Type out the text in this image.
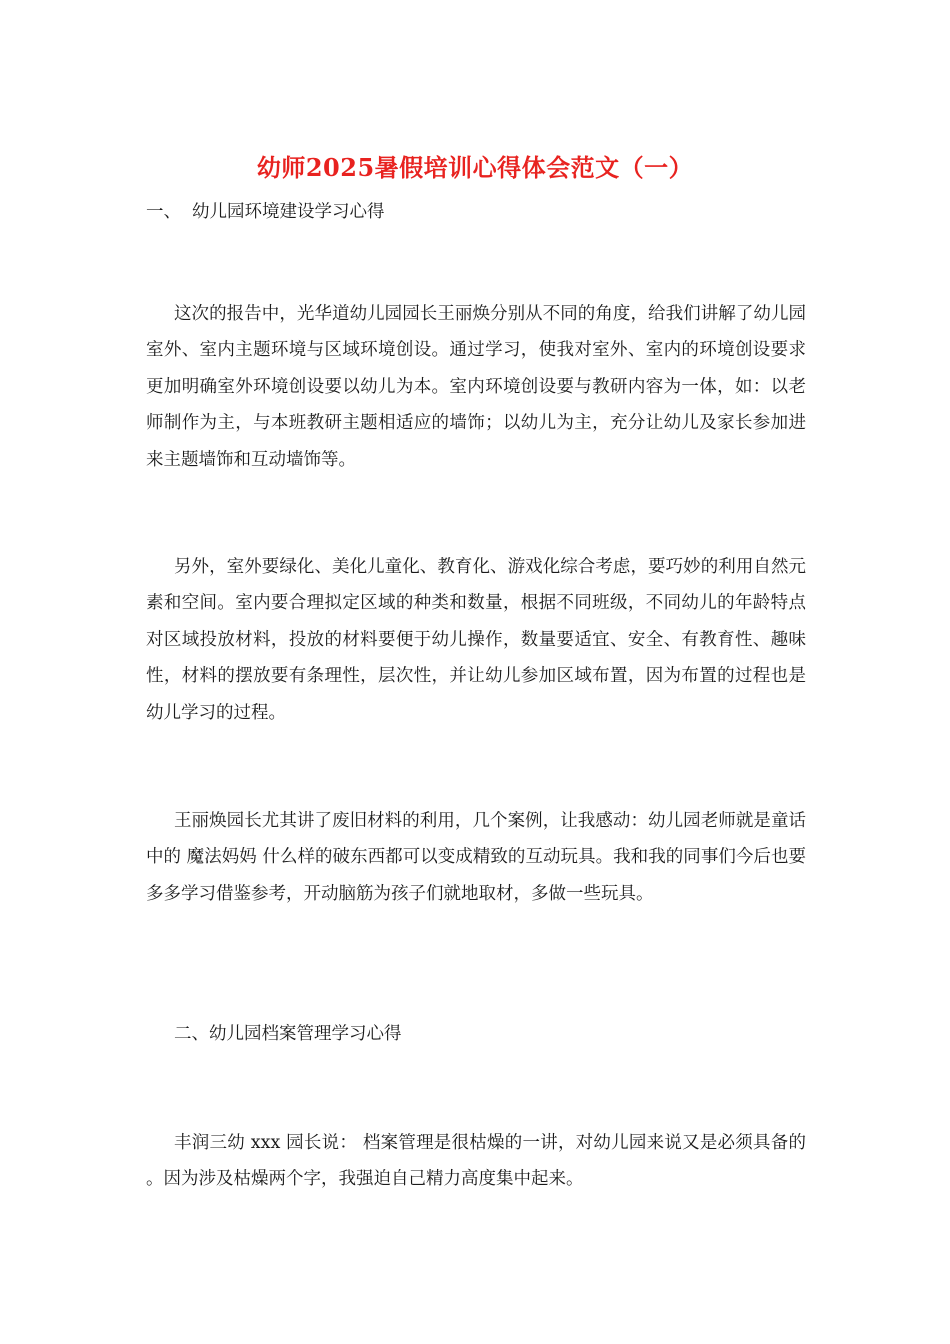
幼师2025暑假培训心得体会范文（一）
一、 幼儿园环境建设学习心得

这次的报告中，光华道幼儿园园长王丽焕分别从不同的角度，给我们讲解了幼儿园室外、室内主题环境与区域环境创设。通过学习，使我对室外、室内的环境创设要求更加明确室外环境创设要以幼儿为本。室内环境创设要与教研内容为一体，如：以老师制作为主，与本班教研主题相适应的墙饰；以幼儿为主，充分让幼儿及家长参加进来主题墙饰和互动墙饰等。

另外，室外要绿化、美化儿童化、教育化、游戏化综合考虑，要巧妙的利用自然元素和空间。室内要合理拟定区域的种类和数量，根据不同班级，不同幼儿的年龄特点对区域投放材料，投放的材料要便于幼儿操作，数量要适宜、安全、有教育性、趣味性，材料的摆放要有条理性，层次性，并让幼儿参加区域布置，因为布置的过程也是幼儿学习的过程。

王丽焕园长尤其讲了废旧材料的利用，几个案例，让我感动：幼儿园老师就是童话中的 魔法妈妈 什么样的破东西都可以变成精致的互动玩具。我和我的同事们今后也要多多学习借鉴参考，开动脑筋为孩子们就地取材，多做一些玩具。

二、幼儿园档案管理学习心得

丰润三幼 xxx 园长说： 档案管理是很枯燥的一讲，对幼儿园来说又是必须具备的 。因为涉及枯燥两个字，我强迫自己精力高度集中起来。
